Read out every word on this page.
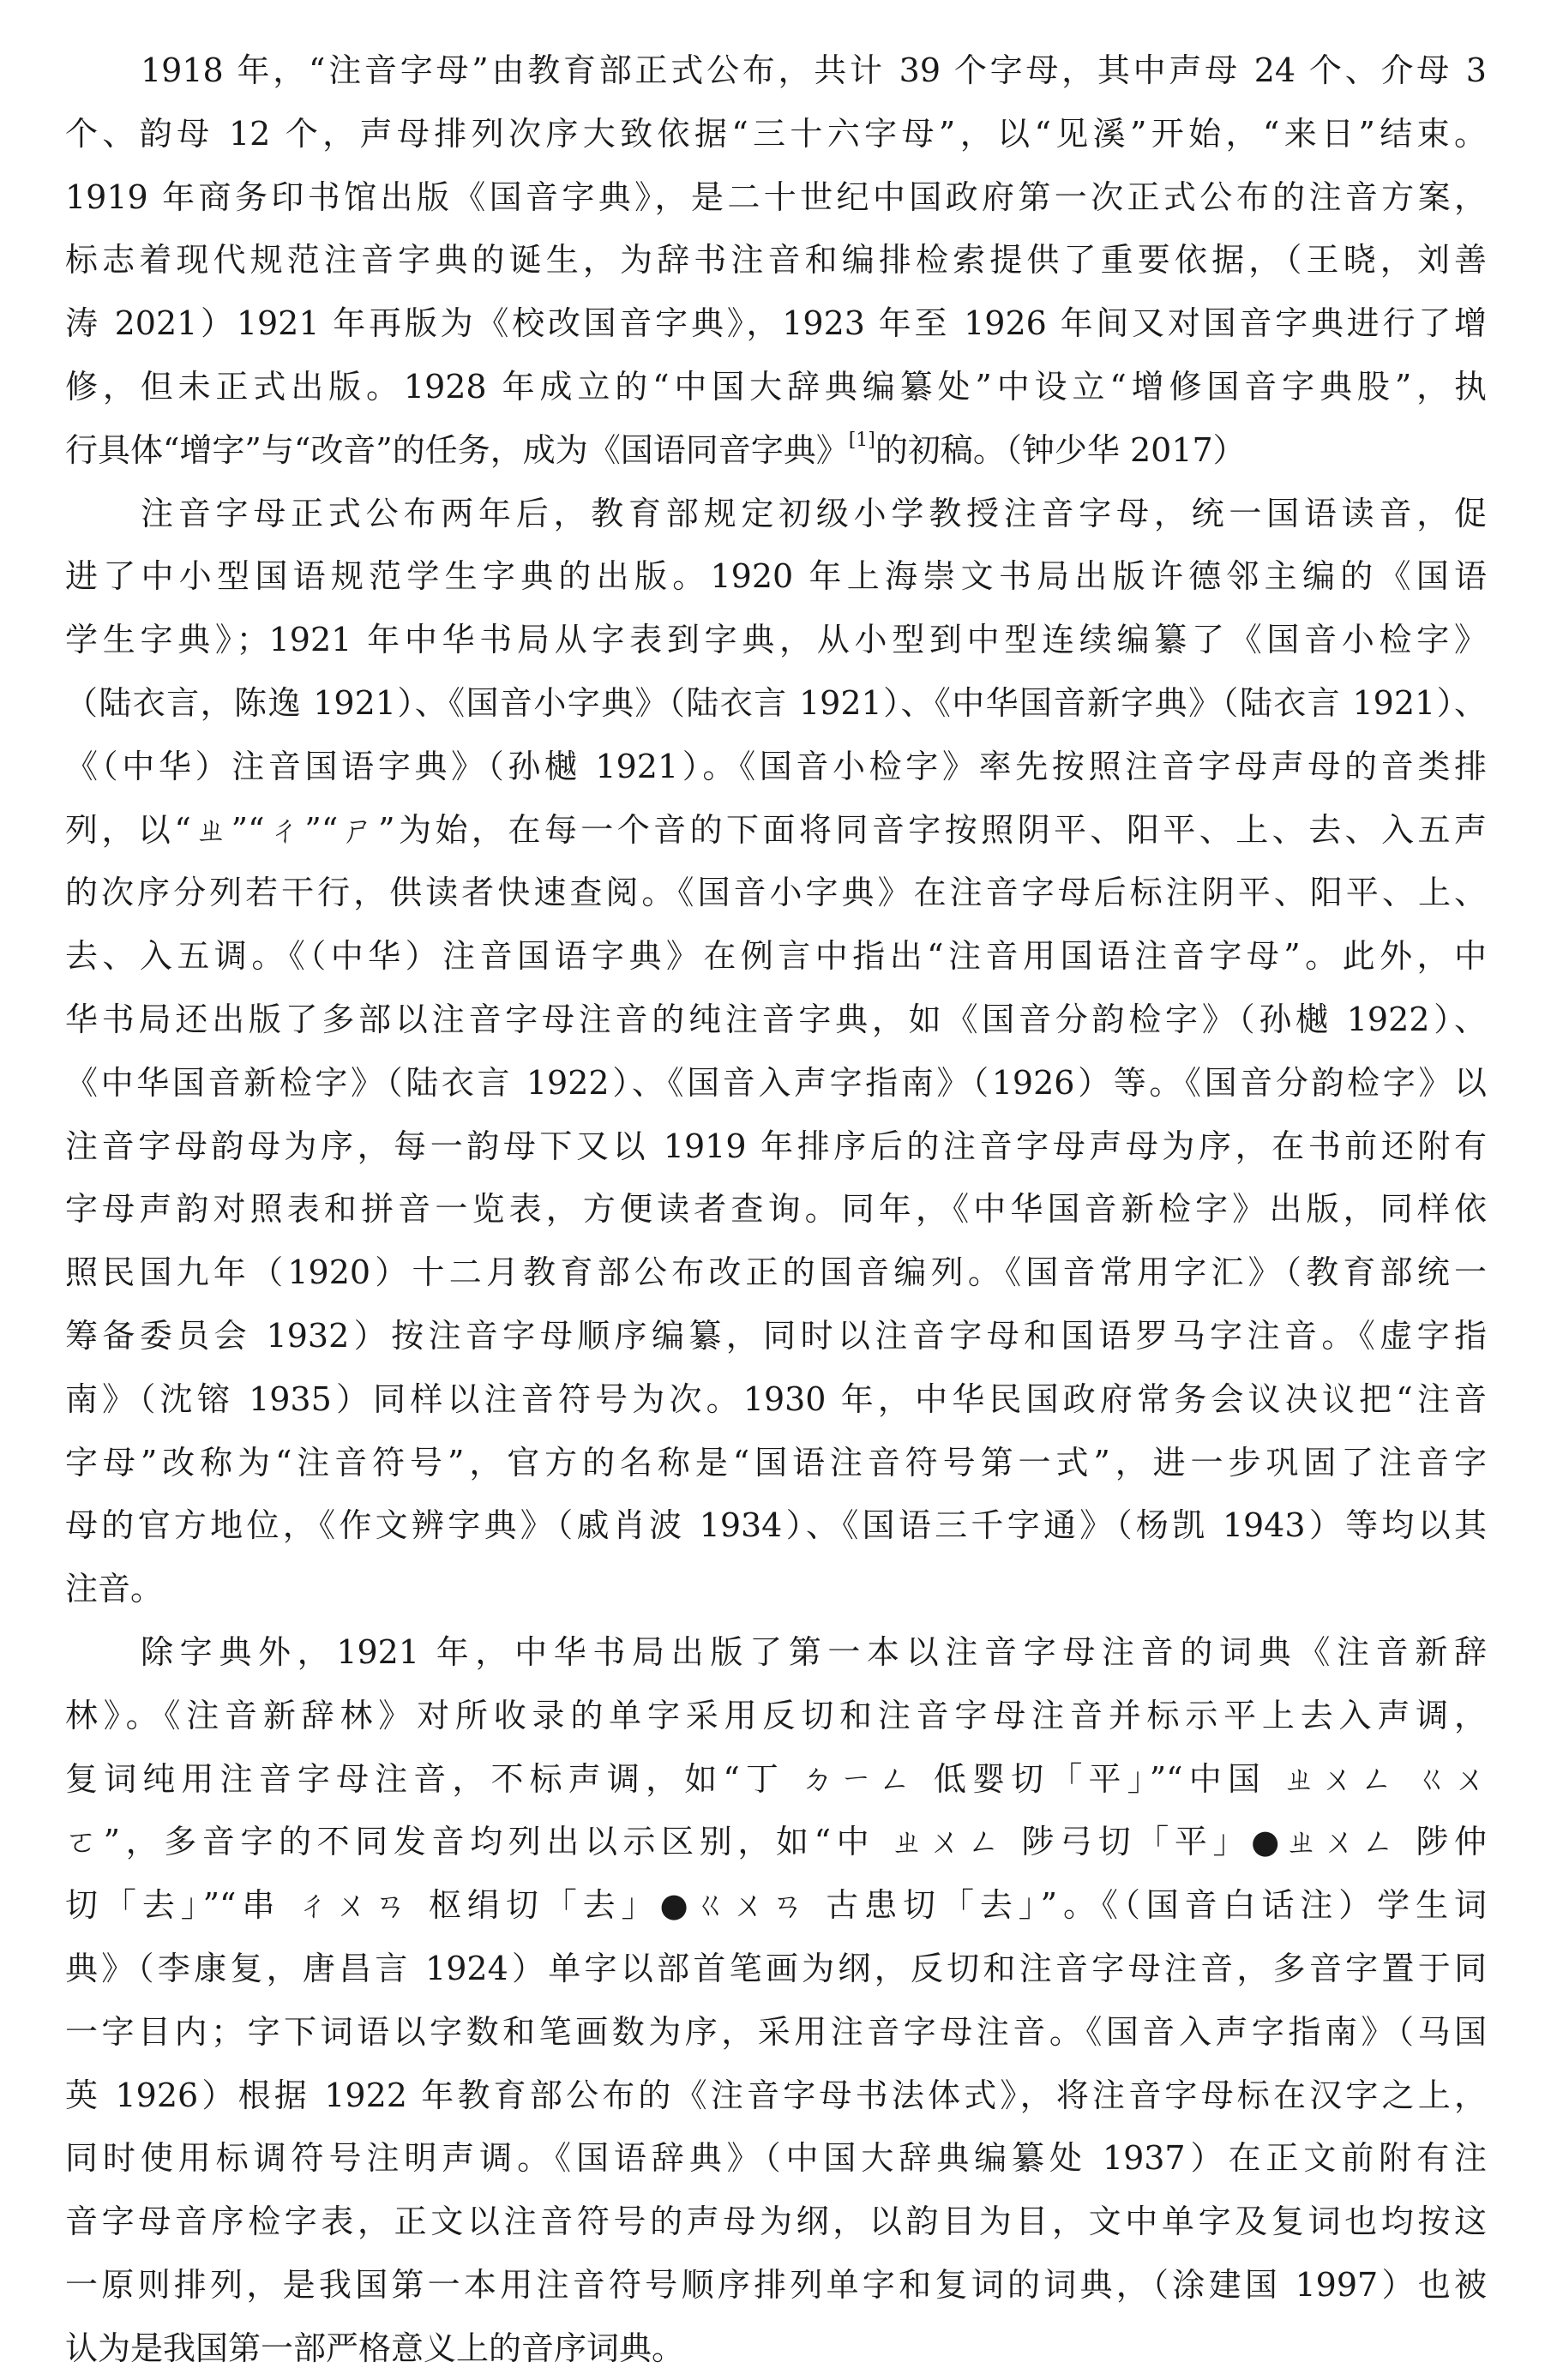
1918 年，“注音字母”由教育部正式公布，共计 39 个字母，其中声母 24 个、介母 3
个、韵母 12 个，声母排列次序大致依据“三十六字母”，以“见溪”开始，“来日”结束。
1919 年商务印书馆出版《国音字典》，是二十世纪中国政府第一次正式公布的注音方案，
标志着现代规范注音字典的诞生，为辞书注音和编排检索提供了重要依据，（王晓，刘善
涛 2021）1921 年再版为《校改国音字典》，1923 年至 1926 年间又对国音字典进行了增
修，但未正式出版。1928 年成立的“中国大辞典编纂处”中设立“增修国音字典股”，执
行具体“增字”与“改音”的任务，成为《国语同音字典》[1]的初稿。（钟少华 2017）
注音字母正式公布两年后，教育部规定初级小学教授注音字母，统一国语读音，促
进了中小型国语规范学生字典的出版。1920 年上海崇文书局出版许德邻主编的《国语
学生字典》；1921 年中华书局从字表到字典，从小型到中型连续编纂了《国音小检字》
（陆衣言，陈逸 1921）、《国音小字典》（陆衣言 1921）、《中华国音新字典》（陆衣言 1921）、
《（中华）注音国语字典》（孙樾 1921）。《国音小检字》率先按照注音字母声母的音类排
列，以“ㄓ”“ㄔ”“ㄕ”为始，在每一个音的下面将同音字按照阴平、阳平、上、去、入五声
的次序分列若干行，供读者快速查阅。《国音小字典》在注音字母后标注阴平、阳平、上、
去、入五调。《（中华）注音国语字典》在例言中指出“注音用国语注音字母”。此外，中
华书局还出版了多部以注音字母注音的纯注音字典，如《国音分韵检字》（孙樾 1922）、
《中华国音新检字》（陆衣言 1922）、《国音入声字指南》（1926）等。《国音分韵检字》以
注音字母韵母为序，每一韵母下又以 1919 年排序后的注音字母声母为序，在书前还附有
字母声韵对照表和拼音一览表，方便读者查询。同年，《中华国音新检字》出版，同样依
照民国九年（1920）十二月教育部公布改正的国音编列。《国音常用字汇》（教育部统一
筹备委员会 1932）按注音字母顺序编纂，同时以注音字母和国语罗马字注音。《虚字指
南》（沈镕 1935）同样以注音符号为次。1930 年，中华民国政府常务会议决议把“注音
字母”改称为“注音符号”，官方的名称是“国语注音符号第一式”，进一步巩固了注音字
母的官方地位，《作文辨字典》（戚肖波 1934）、《国语三千字通》（杨凯 1943）等均以其
注音。
除字典外，1921 年，中华书局出版了第一本以注音字母注音的词典《注音新辞
林》。《注音新辞林》对所收录的单字采用反切和注音字母注音并标示平上去入声调，
复词纯用注音字母注音，不标声调，如“丁 ㄉㄧㄥ 低婴切「平」”“中国 ㄓㄨㄥ ㄍㄨ
ㄛ”，多音字的不同发音均列出以示区别，如“中 ㄓㄨㄥ 陟弓切「平」●ㄓㄨㄥ 陟仲
切「去」”“串 ㄔㄨㄢ 枢绢切「去」●ㄍㄨㄢ 古患切「去」”。《（国音白话注）学生词
典》（李康复，唐昌言 1924）单字以部首笔画为纲，反切和注音字母注音，多音字置于同
一字目内；字下词语以字数和笔画数为序，采用注音字母注音。《国音入声字指南》（马国
英 1926）根据 1922 年教育部公布的《注音字母书法体式》，将注音字母标在汉字之上，
同时使用标调符号注明声调。《国语辞典》（中国大辞典编纂处 1937）在正文前附有注
音字母音序检字表，正文以注音符号的声母为纲，以韵目为目，文中单字及复词也均按这
一原则排列，是我国第一本用注音符号顺序排列单字和复词的词典，（涂建国 1997）也被
认为是我国第一部严格意义上的音序词典。
